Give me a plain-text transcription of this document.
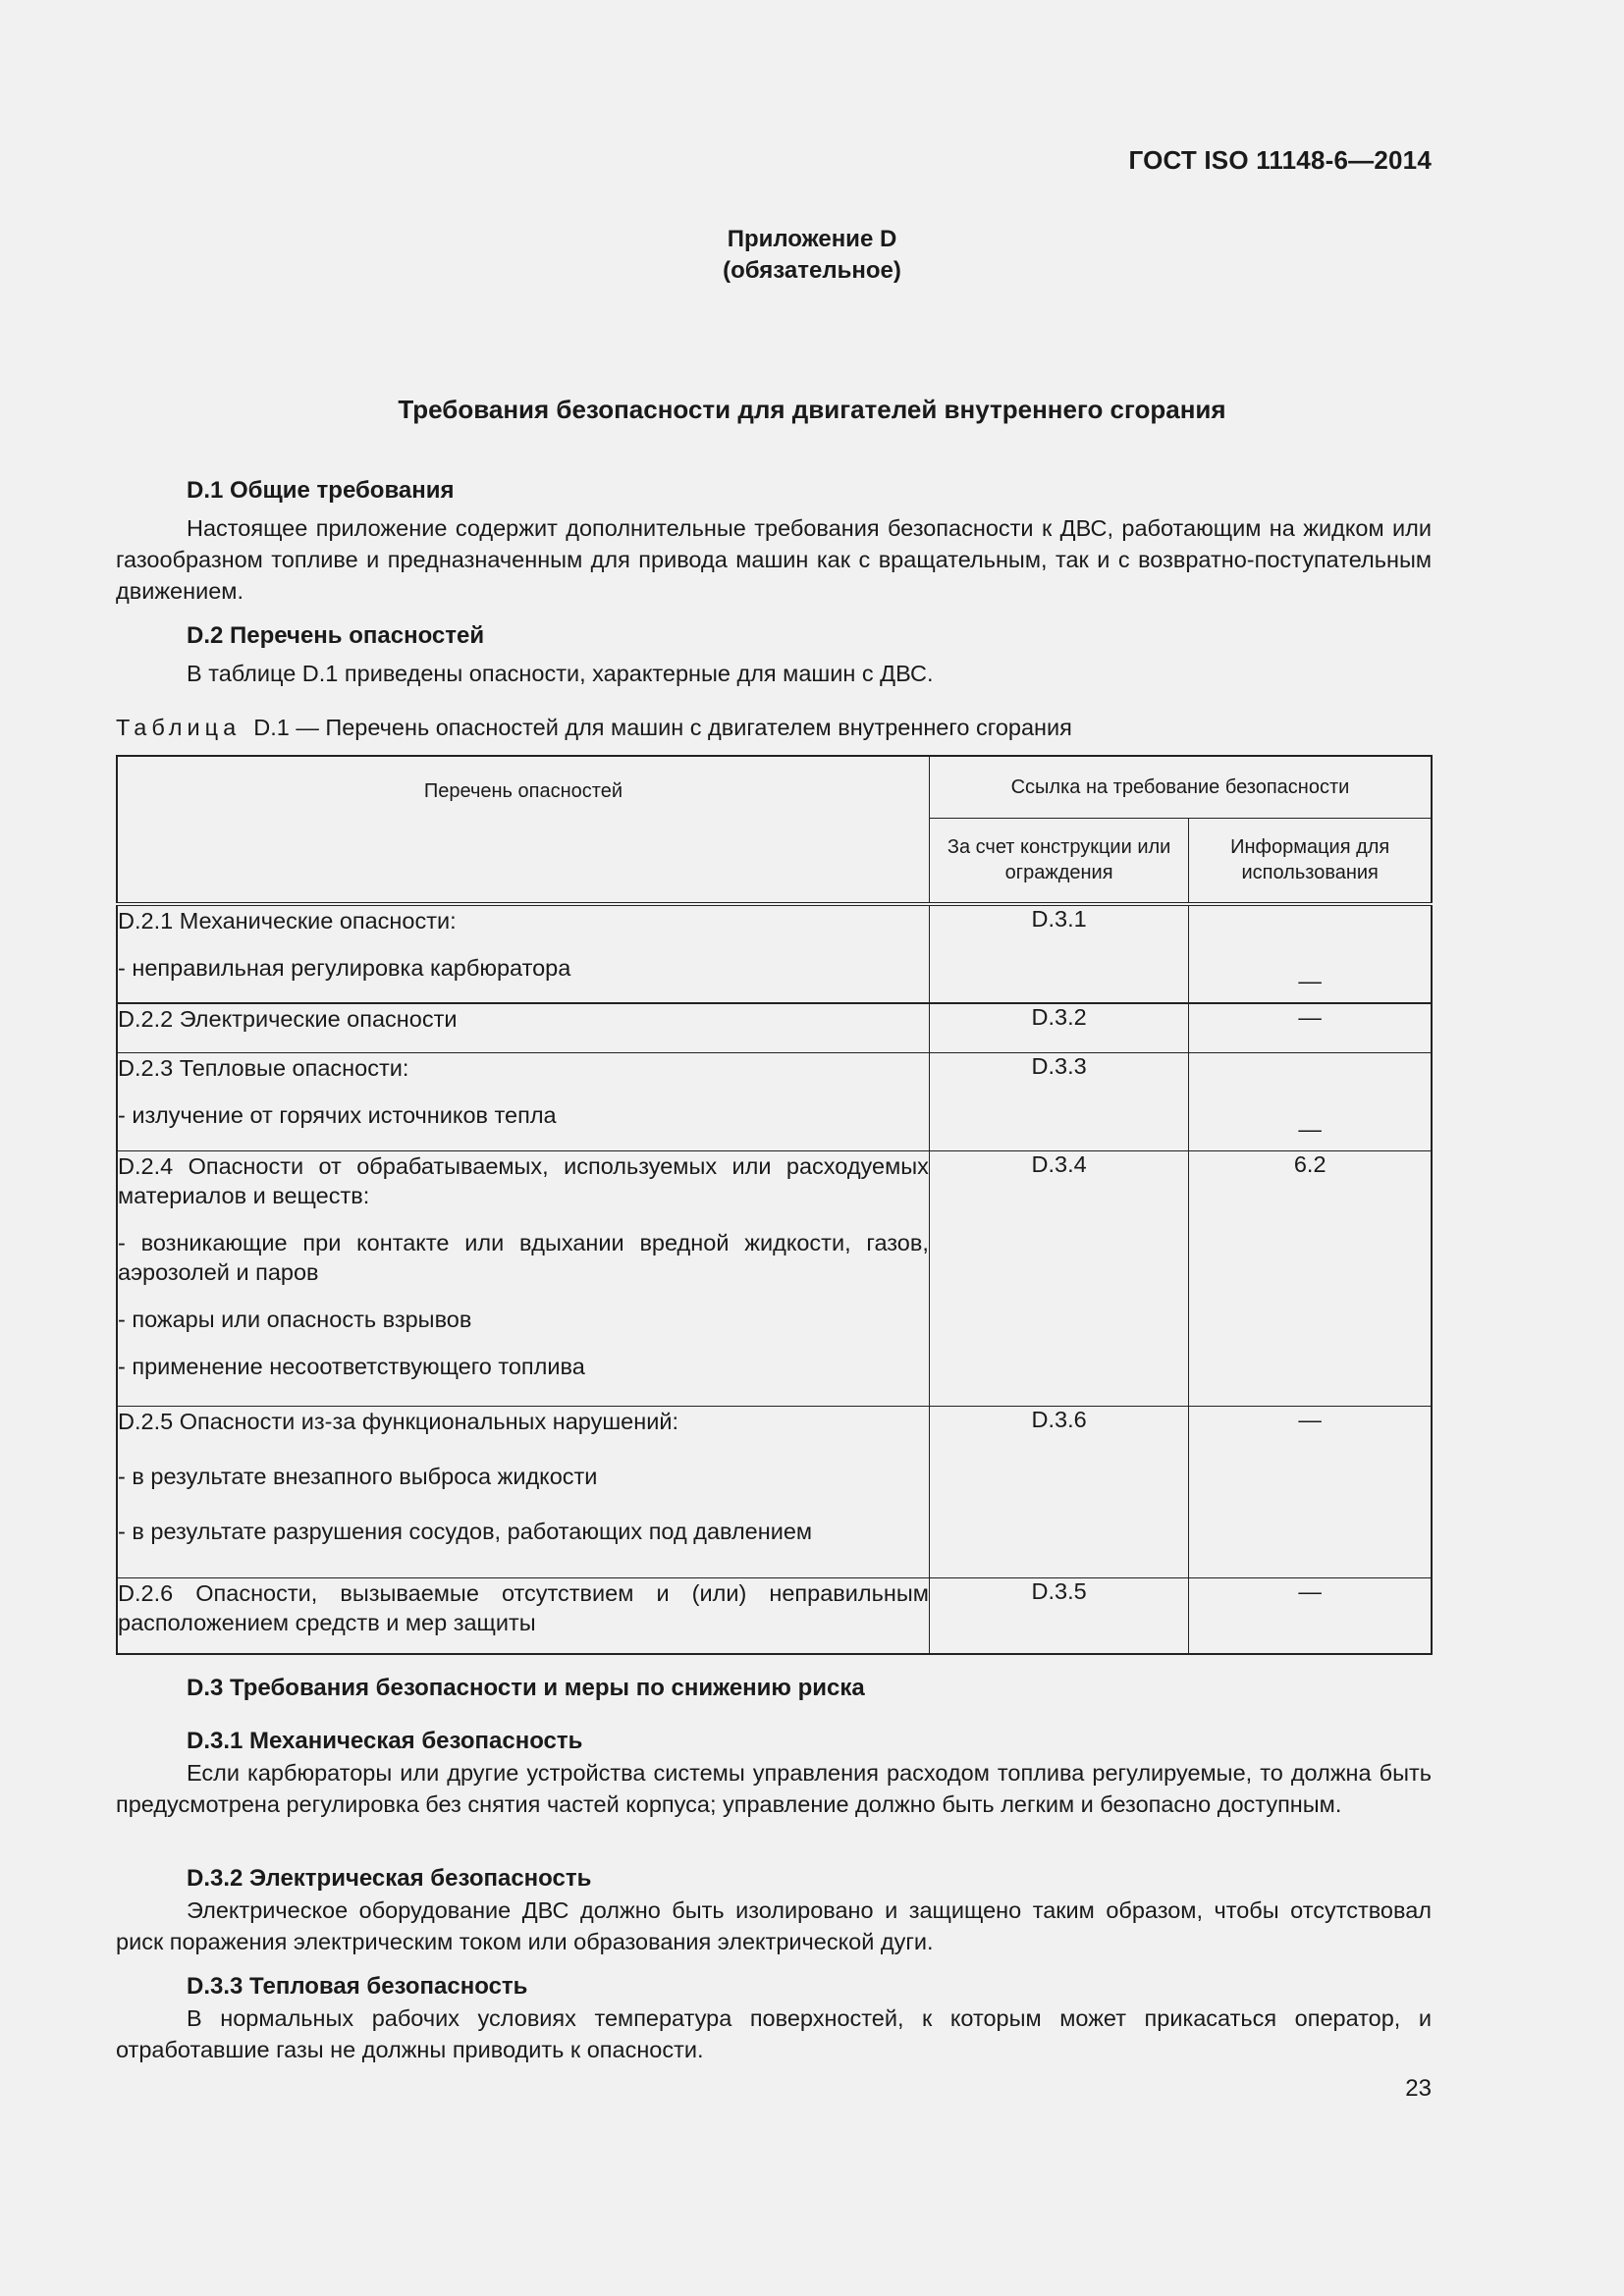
ГОСТ ISO 11148-6—2014
Приложение D
(обязательное)
Требования безопасности для двигателей внутреннего сгорания
D.1 Общие требования
Настоящее приложение содержит дополнительные требования безопасности к ДВС, работающим на жидком или газообразном топливе и предназначенным для привода машин как с вращательным, так и с возвратно-поступательным движением.
D.2 Перечень опасностей
В таблице D.1 приведены опасности, характерные для машин с ДВС.
Таблица D.1 — Перечень опасностей для машин с двигателем внутреннего сгорания
Перечень опасностей	Ссылка на требование безопасности	
	За счет конструкции или ограждения	Информация для использования

D.2.1 Механические опасности:
- неправильная регулировка карбюратора	D.3.1	—

D.2.2 Электрические опасности	D.3.2	—

D.2.3 Тепловые опасности:
- излучение от горячих источников тепла	D.3.3	—

D.2.4 Опасности от обрабатываемых, используемых или расходуемых материалов и веществ:
- возникающие при контакте или вдыхании вредной жидкости, газов, аэрозолей и паров
- пожары или опасность взрывов
- применение несоответствующего топлива	D.3.4	6.2

D.2.5 Опасности из-за функциональных нарушений:
- в результате внезапного выброса жидкости
- в результате разрушения сосудов, работающих под давлением	D.3.6	—

D.2.6 Опасности, вызываемые отсутствием и (или) неправильным расположением средств и мер защиты	D.3.5	—
D.3 Требования безопасности и меры по снижению риска
D.3.1 Механическая безопасность
Если карбюраторы или другие устройства системы управления расходом топлива регулируемые, то должна быть предусмотрена регулировка без снятия частей корпуса; управление должно быть легким и безопасно доступным.
D.3.2 Электрическая безопасность
Электрическое оборудование ДВС должно быть изолировано и защищено таким образом, чтобы отсутствовал риск поражения электрическим током или образования электрической дуги.
D.3.3 Тепловая безопасность
В нормальных рабочих условиях температура поверхностей, к которым может прикасаться оператор, и отработавшие газы не должны приводить к опасности.
23
